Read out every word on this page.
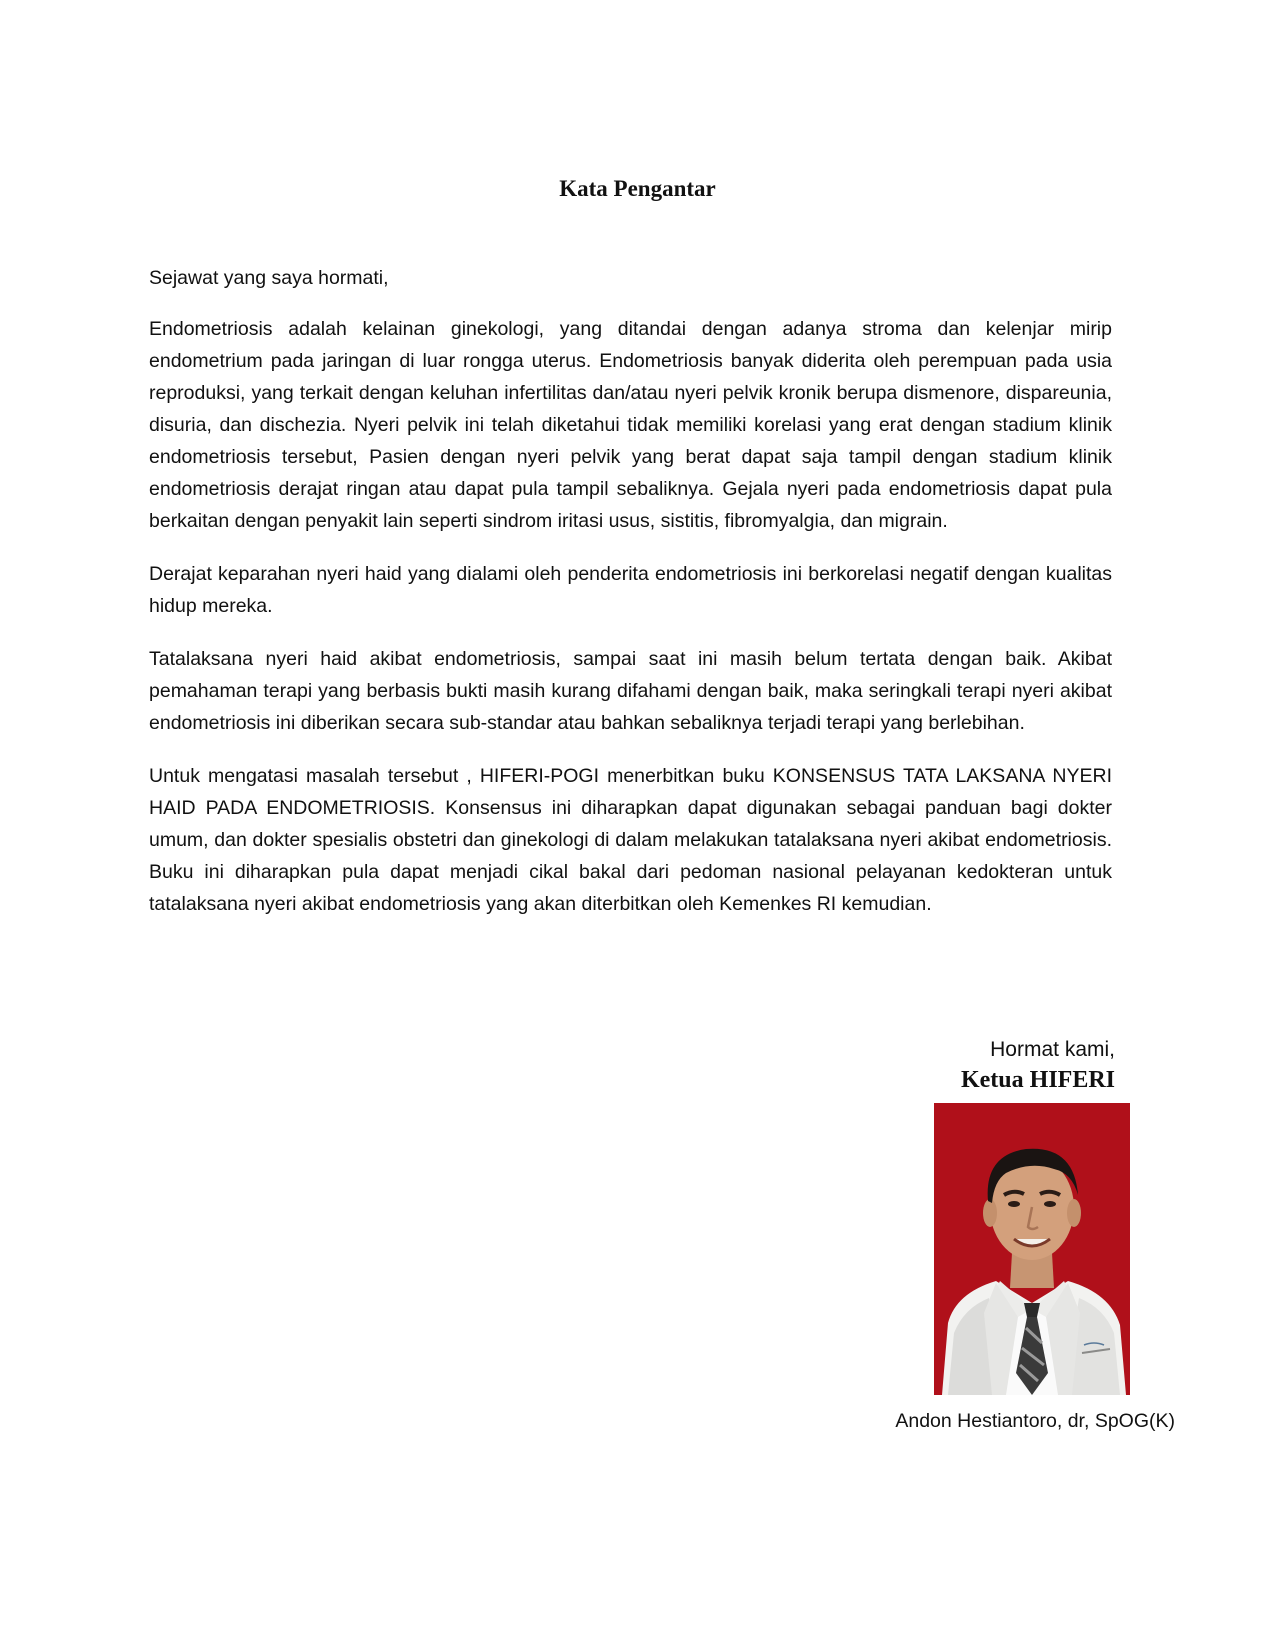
Kata Pengantar

Sejawat yang saya hormati,

Endometriosis adalah kelainan ginekologi, yang ditandai dengan adanya stroma dan kelenjar mirip endometrium pada jaringan di luar rongga uterus. Endometriosis banyak diderita oleh perempuan pada usia reproduksi, yang terkait dengan keluhan infertilitas dan/atau nyeri pelvik kronik berupa dismenore, dispareunia, disuria, dan dischezia. Nyeri pelvik ini telah diketahui tidak memiliki korelasi yang erat dengan stadium klinik endometriosis tersebut, Pasien dengan nyeri pelvik yang berat dapat saja tampil dengan stadium klinik endometriosis derajat ringan atau dapat pula tampil sebaliknya. Gejala nyeri pada endometriosis dapat pula berkaitan dengan penyakit lain seperti sindrom iritasi usus, sistitis, fibromyalgia, dan migrain.

Derajat keparahan nyeri haid yang dialami oleh penderita endometriosis ini berkorelasi negatif dengan kualitas hidup mereka.

Tatalaksana nyeri haid akibat endometriosis, sampai saat ini masih belum tertata dengan baik. Akibat pemahaman terapi yang berbasis bukti masih kurang difahami dengan baik, maka seringkali terapi nyeri akibat endometriosis ini diberikan secara sub-standar atau bahkan sebaliknya terjadi terapi yang berlebihan.

Untuk mengatasi masalah tersebut , HIFERI-POGI menerbitkan buku KONSENSUS TATA LAKSANA NYERI HAID PADA ENDOMETRIOSIS. Konsensus ini diharapkan dapat digunakan sebagai panduan bagi dokter umum, dan dokter spesialis obstetri dan ginekologi di dalam melakukan tatalaksana nyeri akibat endometriosis. Buku ini diharapkan pula dapat menjadi cikal bakal dari pedoman nasional pelayanan kedokteran untuk tatalaksana nyeri akibat endometriosis yang akan diterbitkan oleh Kemenkes RI kemudian.

Hormat kami,
Ketua HIFERI
Andon Hestiantoro, dr, SpOG(K)
